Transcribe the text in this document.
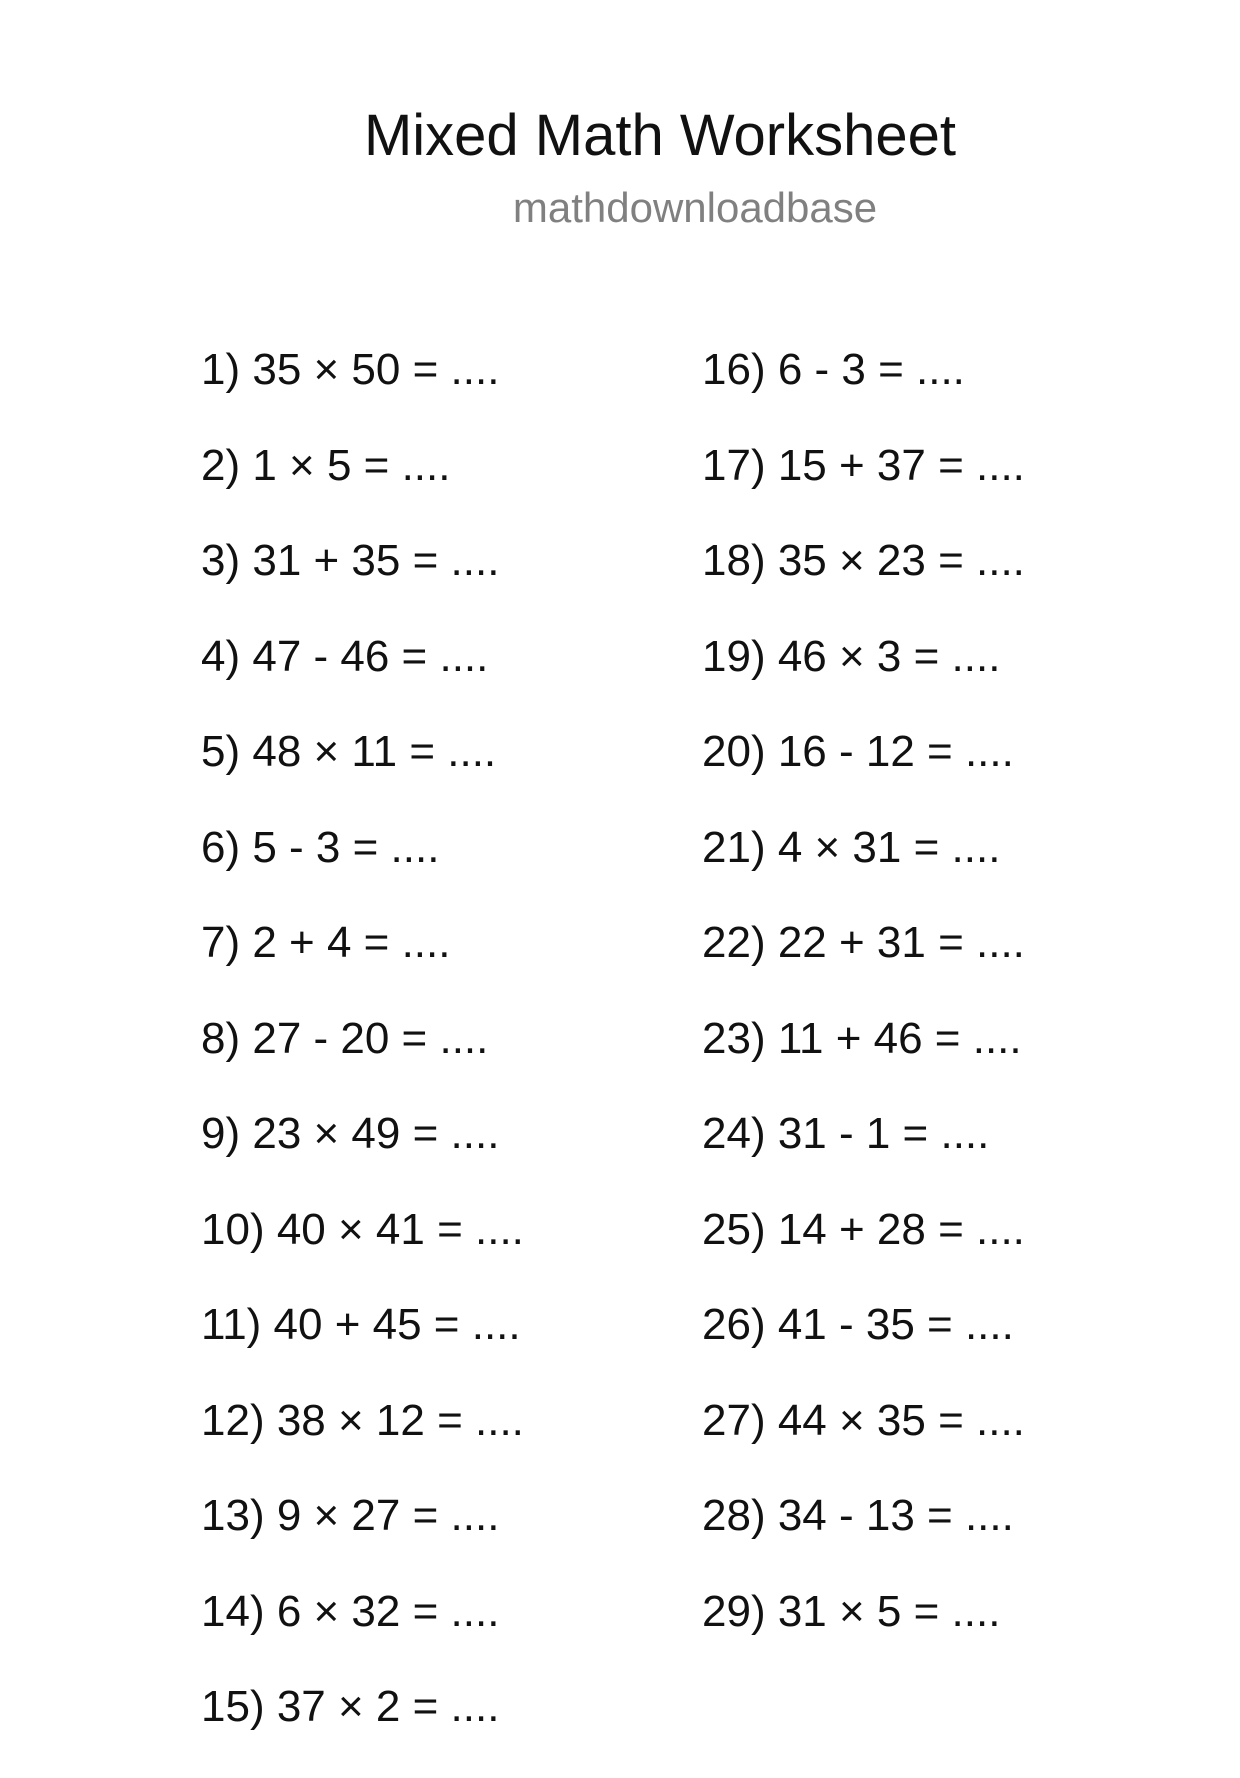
Mixed Math Worksheet
mathdownloadbase
1) 35 × 50 = ....
2) 1 × 5 = ....
3) 31 + 35 = ....
4) 47 - 46 = ....
5) 48 × 11 = ....
6) 5 - 3 = ....
7) 2 + 4 = ....
8) 27 - 20 = ....
9) 23 × 49 = ....
10) 40 × 41 = ....
11) 40 + 45 = ....
12) 38 × 12 = ....
13) 9 × 27 = ....
14) 6 × 32 = ....
15) 37 × 2 = ....
16) 6 - 3 = ....
17) 15 + 37 = ....
18) 35 × 23 = ....
19) 46 × 3 = ....
20) 16 - 12 = ....
21) 4 × 31 = ....
22) 22 + 31 = ....
23) 11 + 46 = ....
24) 31 - 1 = ....
25) 14 + 28 = ....
26) 41 - 35 = ....
27) 44 × 35 = ....
28) 34 - 13 = ....
29) 31 × 5 = ....
